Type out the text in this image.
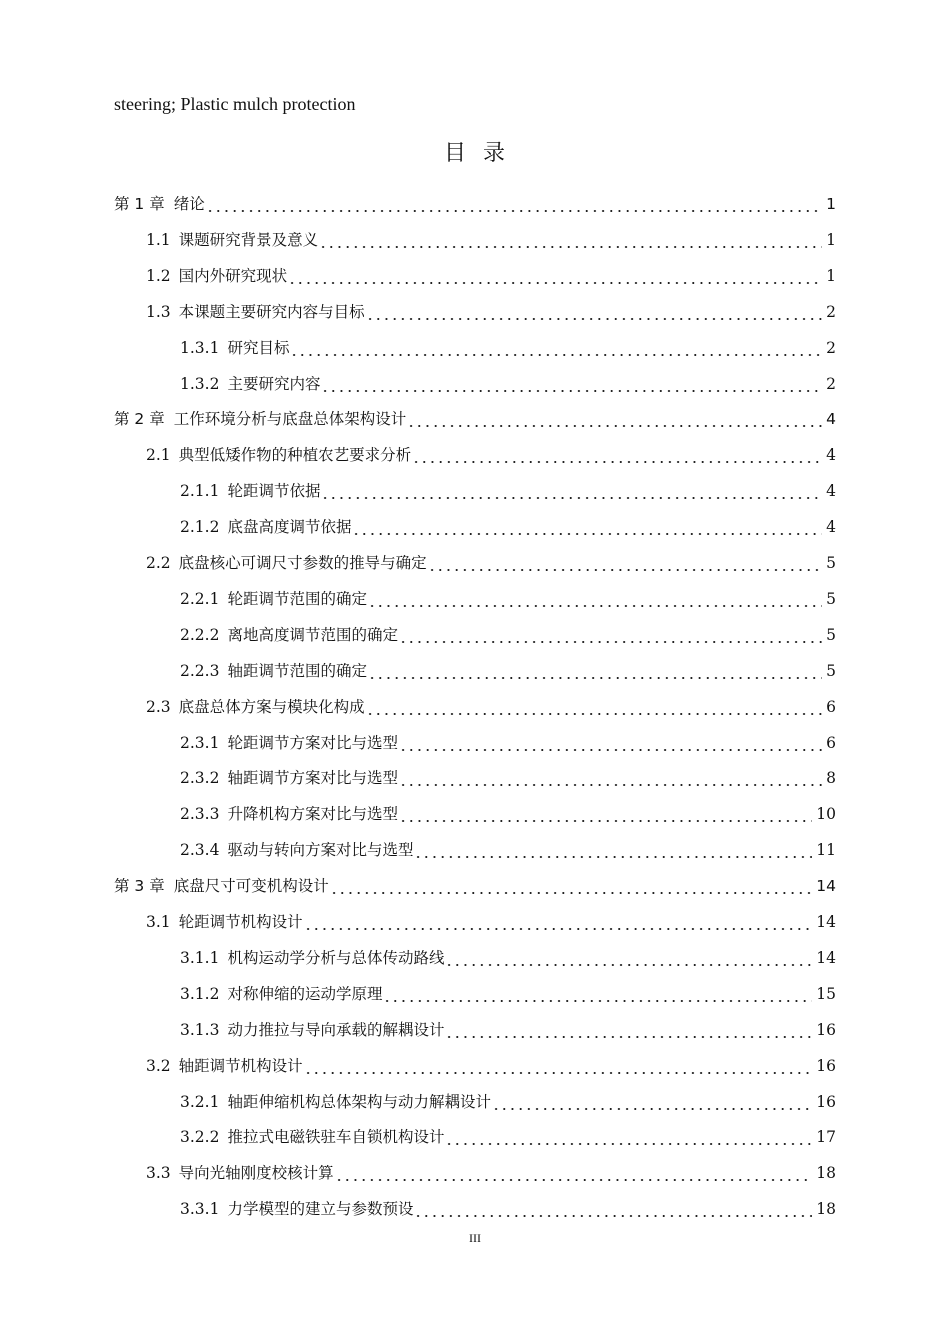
steering; Plastic mulch protection
目  录
第 1 章 绪论	1
1.1 课题研究背景及意义	1
1.2 国内外研究现状	1
1.3 本课题主要研究内容与目标	2
1.3.1 研究目标	2
1.3.2 主要研究内容	2
第 2 章 工作环境分析与底盘总体架构设计	4
2.1 典型低矮作物的种植农艺要求分析	4
2.1.1 轮距调节依据	4
2.1.2 底盘高度调节依据	4
2.2 底盘核心可调尺寸参数的推导与确定	5
2.2.1 轮距调节范围的确定	5
2.2.2 离地高度调节范围的确定	5
2.2.3 轴距调节范围的确定	5
2.3 底盘总体方案与模块化构成	6
2.3.1 轮距调节方案对比与选型	6
2.3.2 轴距调节方案对比与选型	8
2.3.3 升降机构方案对比与选型	10
2.3.4 驱动与转向方案对比与选型	11
第 3 章 底盘尺寸可变机构设计	14
3.1 轮距调节机构设计	14
3.1.1 机构运动学分析与总体传动路线	14
3.1.2 对称伸缩的运动学原理	15
3.1.3 动力推拉与导向承载的解耦设计	16
3.2 轴距调节机构设计	16
3.2.1 轴距伸缩机构总体架构与动力解耦设计	16
3.2.2 推拉式电磁铁驻车自锁机构设计	17
3.3 导向光轴刚度校核计算	18
3.3.1 力学模型的建立与参数预设	18
III
